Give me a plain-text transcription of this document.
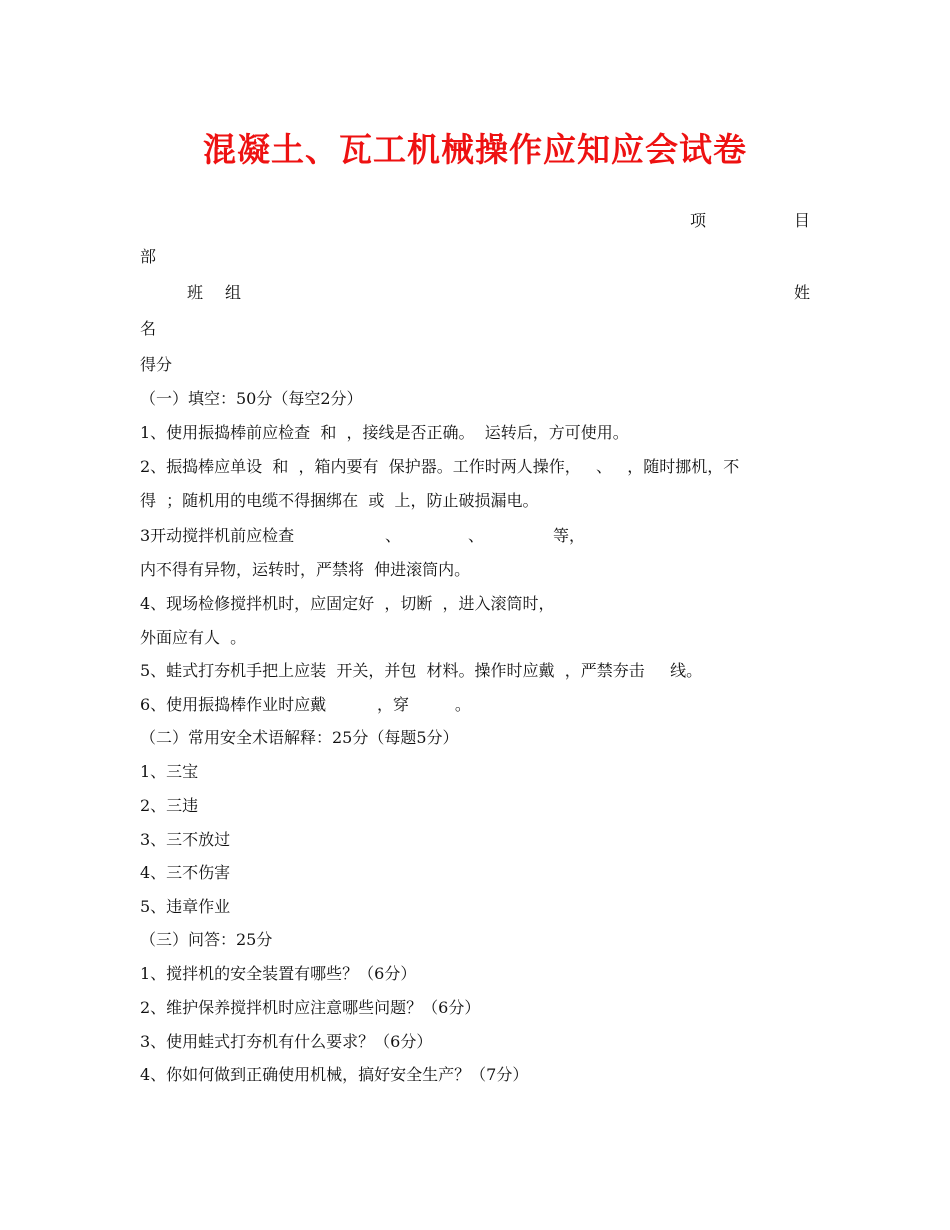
混凝土、瓦工机械操作应知应会试卷
项	目
部
班 组	姓
名
得分
（一）填空：50分（每空2分）
1、使用振捣棒前应检查  和  ，接线是否正确。  运转后，方可使用。
2、振捣棒应单设  和  ，箱内要有  保护器。工作时两人操作，   、   ，随时挪机，不
得  ；随机用的电缆不得捆绑在  或  上，防止破损漏电。
3开动搅拌机前应检查	、	、	等，
内不得有异物，运转时，严禁将  伸进滚筒内。
4、现场检修搅拌机时，应固定好  ，切断  ，进入滚筒时，
外面应有人  。
5、蛙式打夯机手把上应装  开关，并包  材料。操作时应戴  ，严禁夯击     线。
6、使用振捣棒作业时应戴          ，穿         。
（二）常用安全术语解释：25分（每题5分）
1、三宝
2、三违
3、三不放过
4、三不伤害
5、违章作业
（三）问答：25分
1、搅拌机的安全装置有哪些？（6分）
2、维护保养搅拌机时应注意哪些问题？（6分）
3、使用蛙式打夯机有什么要求？（6分）
4、你如何做到正确使用机械，搞好安全生产？（7分）
